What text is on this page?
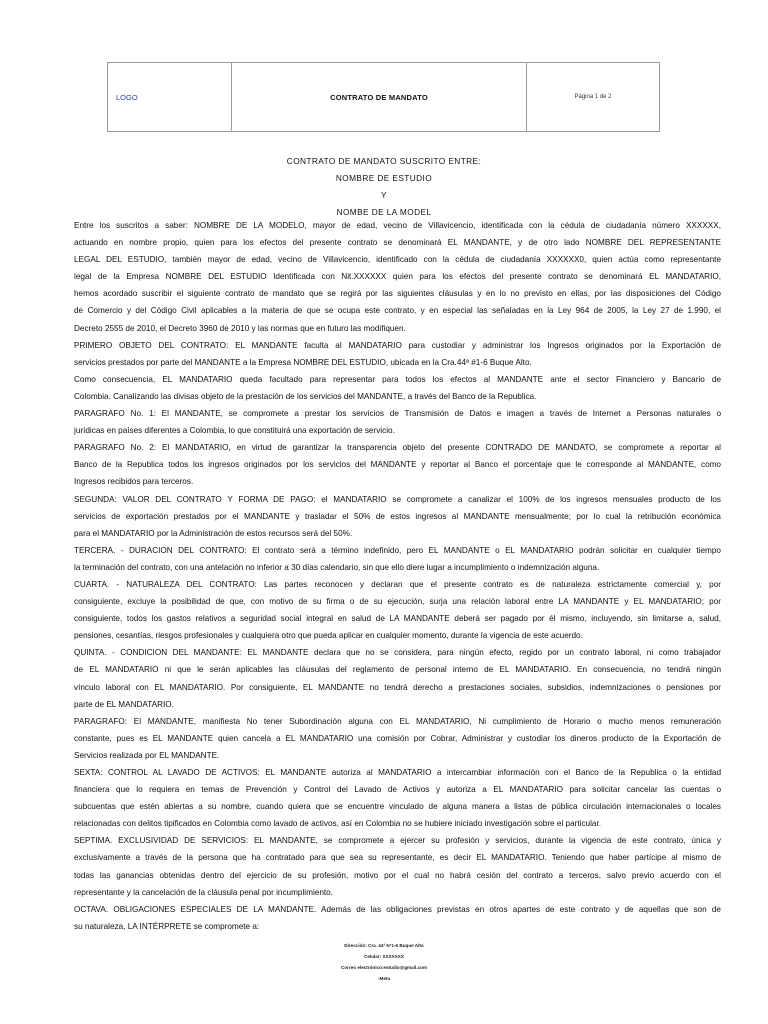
LOGO	CONTRATO DE MANDATO	Página 1 de 2
CONTRATO DE MANDATO SUSCRITO ENTRE:
NOMBRE DE ESTUDIO
Y
NOMBE DE LA MODEL

Entre los suscritos a saber: NOMBRE DE LA MODELO, mayor de edad, vecino de Villavicencio, identificada con la cédula de ciudadanía número XXXXXX,
actuando en nombre propio, quien para los efectos del presente contrato se denominará EL MANDANTE, y de otro lado NOMBRE DEL REPRESENTANTE
LEGAL DEL ESTUDIO, también mayor de edad, vecino de Villavicencio, identificado con la cédula de ciudadanía XXXXXX0, quien actúa como representante
legal de la Empresa NOMBRE DEL ESTUDIO Identificada con Nit.XXXXXX quien para los efectos del presente contrato se denominará EL MANDATARIO,
hemos acordado suscribir el siguiente contrato de mandato que se regirá por las siguientes cláusulas y en lo no previsto en ellas, por las disposiciones del Código
de Comercio y del Código Civil aplicables a la materia de que se ocupa este contrato, y en especial las señaladas en la Ley 964 de 2005, la Ley 27 de 1.990, el
Decreto 2555 de 2010, el Decreto 3960 de 2010 y las normas que en futuro las modifiquen.

PRIMERO OBJETO DEL CONTRATO: EL MANDANTE faculta al MANDATARIO para custodiar y administrar los Ingresos originados por la Exportación de
servicios prestados por parte del MANDANTE a la Empresa NOMBRE DEL ESTUDIO, ubicada en la Cra.44ª #1-6 Buque Alto.

Como consecuencia, EL MANDATARIO queda facultado para representar para todos los efectos al MANDANTE ante el sector Financiero y Bancario de
Colombia. Canalizando las divisas objeto de la prestación de los servicios del MANDANTE, a través del Banco de la Republica.

PARAGRAFO No. 1: El MANDANTE, se compromete a prestar los servicios de Transmisión de Datos e imagen a través de Internet a Personas naturales o
jurídicas en países diferentes a Colombia, lo que constituirá una exportación de servicio.

PARAGRAFO No. 2: El MANDATARIO, en virtud de garantizar la transparencia objeto del presente CONTRADO DE MANDATO, se compromete a reportar al
Banco de la Republica todos los ingresos originados por los servicios del MANDANTE y reportar al Banco el porcentaje que le corresponde al MANDANTE, como
Ingresos recibidos para terceros.

SEGUNDA: VALOR DEL CONTRATO Y FORMA DE PAGO: el MANDATARIO se compromete a canalizar el 100% de los ingresos mensuales producto de los
servicios de exportación prestados por el MANDANTE y trasladar el 50% de estos ingresos al MANDANTE mensualmente; por lo cual la retribución económica
para el MANDATARIO por la Administración de estos recursos será del 50%.

TERCERA. - DURACION DEL CONTRATO: El contrato será a término indefinido, pero EL MANDANTE o EL MANDATARIO podrán solicitar en cualquier tiempo
la terminación del contrato, con una antelación no inferior a 30 días calendario, sin que ello diere lugar a incumplimiento o indemnización alguna.

CUARTA. - NATURALEZA DEL CONTRATO: Las partes reconocen y declaran que el presente contrato es de naturaleza estrictamente comercial y, por
consiguiente, excluye la posibilidad de que, con motivo de su firma o de su ejecución, surja una relación laboral entre LA MANDANTE y EL MANDATARIO; por
consiguiente, todos los gastos relativos a seguridad social integral en salud de LA MANDANTE deberá ser pagado por él mismo, incluyendo, sin limitarse a, salud,
pensiones, cesantías, riesgos profesionales y cualquiera otro que pueda aplicar en cualquier momento, durante la vigencia de este acuerdo.

QUINTA. - CONDICION DEL MANDANTE: EL MANDANTE declara que no se considera, para ningún efecto, regido por un contrato laboral, ni como trabajador
de EL MANDATARIO ni que le serán aplicables las cláusulas del reglamento de personal interno de EL MANDATARIO. En consecuencia, no tendrá ningún
vínculo laboral con EL MANDATARIO. Por consiguiente, EL MANDANTE no tendrá derecho a prestaciones sociales, subsidios, indemnizaciones o pensiones por
parte de EL MANDATARIO.

PARAGRAFO: El MANDANTE, manifiesta No tener Subordinación alguna con EL MANDATARIO, Ni cumplimiento de Horario o mucho menos remuneración
constante, pues es EL MANDANTE quien cancela a EL MANDATARIO una comisión por Cobrar, Administrar y custodiar los dineros producto de la Exportación de
Servicios realizada por EL MANDANTE.

SEXTA: CONTROL AL LAVADO DE ACTIVOS: EL MANDANTE autoriza al MANDATARIO a intercambiar información con el Banco de la Republica o la entidad
financiera que lo requiera en temas de Prevención y Control del Lavado de Activos y autoriza a EL MANDATARIO para solicitar cancelar las cuentas o
subcuentas que estén abiertas a su nombre, cuando quiera que se encuentre vinculado de alguna manera a listas de pública circulación internacionales o locales
relacionadas con delitos tipificados en Colombia como lavado de activos, así en Colombia no se hubiere iniciado investigación sobre el particular.

SEPTIMA. EXCLUSIVIDAD DE SERVICIOS: EL MANDANTE, se compromete a ejercer su profesión y servicios, durante la vigencia de este contrato, única y
exclusivamente a través de la persona que ha contratado para que sea su representante, es decir EL MANDATARIO. Teniendo que haber partícipe al mismo de
todas las ganancias obtenidas dentro del ejercicio de su profesión, motivo por el cual no habrá cesión del contrato a terceros, salvo previo acuerdo con el
representante y la cancelación de la cláusula penal por incumplimiento.

OCTAVA. OBLIGACIONES ESPECIALES DE LA MANDANTE. Además de las obligaciones previstas en otros apartes de este contrato y de aquellas que son de
su naturaleza, LA INTÉRPRETE se compromete a:

Dirección: Cra. 44ª N°1-6 Buque Alto
Celular: XXXXXXX
Correo electrónico:estudio@gmail.com
-Meta
